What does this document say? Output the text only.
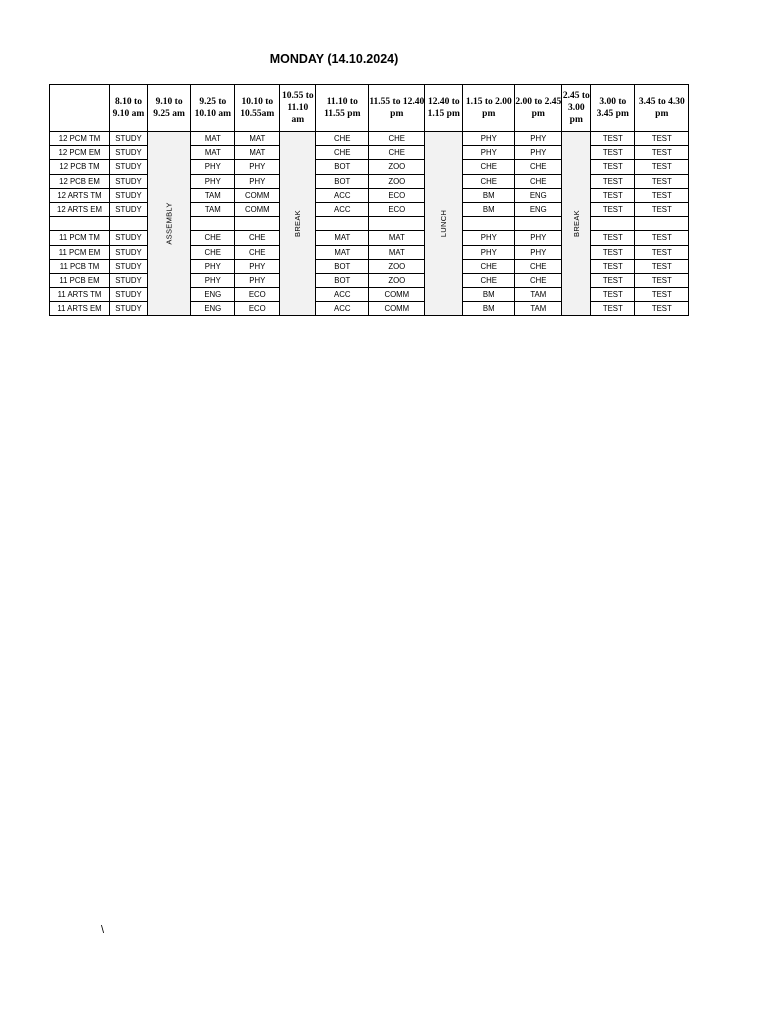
MONDAY (14.10.2024)
	8.10 to 9.10 am	9.10 to 9.25 am	9.25 to 10.10 am	10.10 to 10.55am	10.55 to 11.10 am	11.10 to 11.55 pm	11.55 to 12.40 pm	12.40 to 1.15 pm	1.15 to 2.00 pm	2.00 to 2.45 pm	2.45 to 3.00 pm	3.00 to 3.45 pm	3.45 to 4.30 pm
12 PCM TM	STUDY	ASSEMBLY	MAT	MAT	BREAK	CHE	CHE	LUNCH	PHY	PHY	BREAK	TEST	TEST
12 PCM EM	STUDY		MAT	MAT		CHE	CHE		PHY	PHY		TEST	TEST
12 PCB TM	STUDY		PHY	PHY		BOT	ZOO		CHE	CHE		TEST	TEST
12 PCB EM	STUDY		PHY	PHY		BOT	ZOO		CHE	CHE		TEST	TEST
12 ARTS TM	STUDY		TAM	COMM		ACC	ECO		BM	ENG		TEST	TEST
12 ARTS EM	STUDY		TAM	COMM		ACC	ECO		BM	ENG		TEST	TEST

11 PCM TM	STUDY		CHE	CHE		MAT	MAT		PHY	PHY		TEST	TEST
11 PCM EM	STUDY		CHE	CHE		MAT	MAT		PHY	PHY		TEST	TEST
11 PCB TM	STUDY		PHY	PHY		BOT	ZOO		CHE	CHE		TEST	TEST
11 PCB EM	STUDY		PHY	PHY		BOT	ZOO		CHE	CHE		TEST	TEST
11 ARTS TM	STUDY		ENG	ECO		ACC	COMM		BM	TAM		TEST	TEST
11 ARTS EM	STUDY		ENG	ECO		ACC	COMM		BM	TAM		TEST	TEST
\
